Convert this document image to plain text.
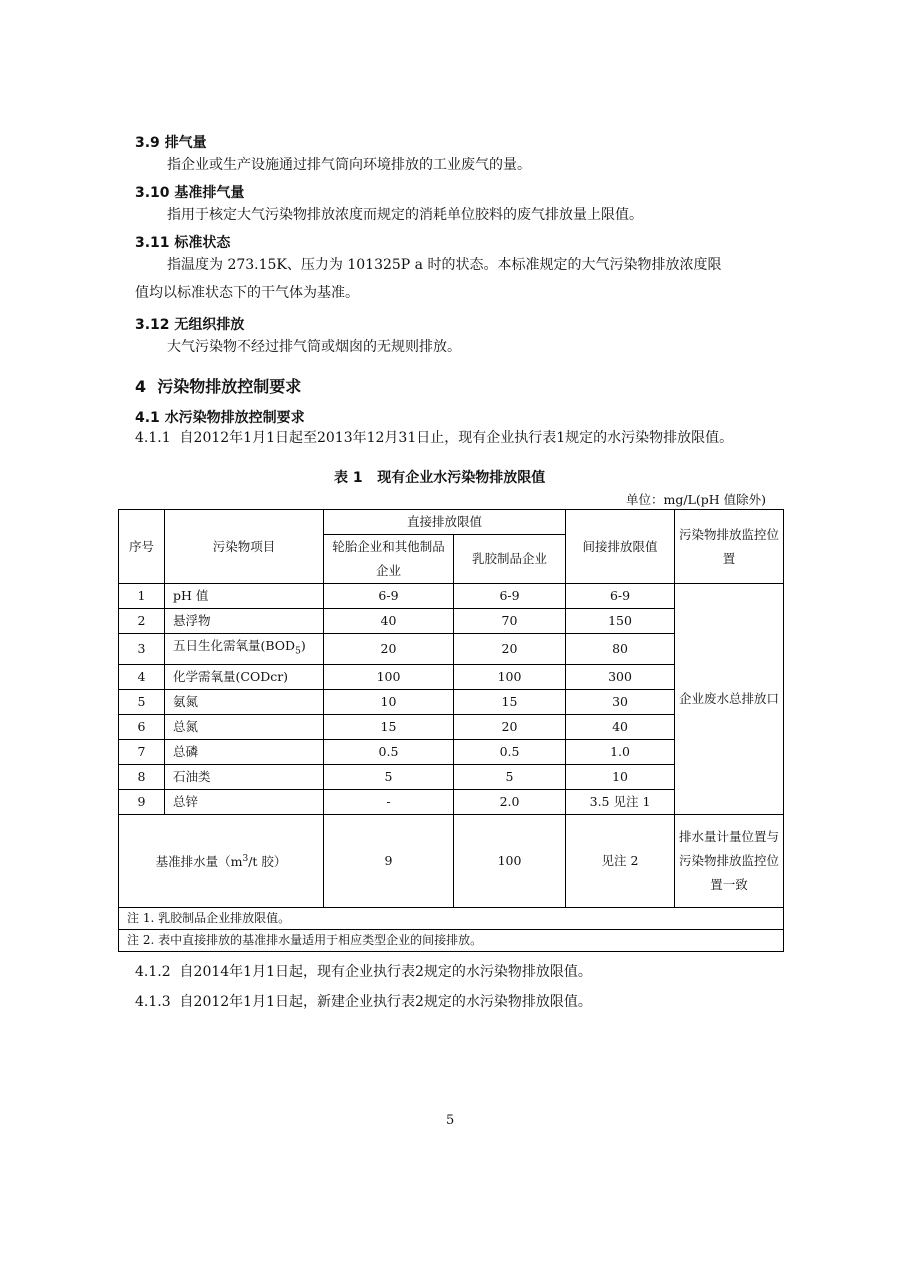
3.9 排气量
指企业或生产设施通过排气筒向环境排放的工业废气的量。
3.10 基准排气量
指用于核定大气污染物排放浓度而规定的消耗单位胶料的废气排放量上限值。
3.11 标准状态
指温度为 273.15K、压力为 101325P a 时的状态。本标准规定的大气污染物排放浓度限
值均以标准状态下的干气体为基准。
3.12 无组织排放
大气污染物不经过排气筒或烟囱的无规则排放。
4 污染物排放控制要求
4.1 水污染物排放控制要求
4.1.1 自2012年1月1日起至2013年12月31日止，现有企业执行表1规定的水污染物排放限值。
表 1 现有企业水污染物排放限值
单位：mg/L(pH 值除外)
序号	污染物项目	直接排放限值		间接排放限值	污染物排放监控位置

		轮胎企业和其他制品企业	乳胶制品企业		

1	pH 值	6-9	6-9	6-9	企业废水总排放口

2	悬浮物	40	70	150	
3	五日生化需氧量$(BOD_5)$	20	20	80	
4	化学需氧量(CODcr)	100	100	300	
5	氨氮	10	15	30	
6	总氮	15	20	40	
7	总磷	0.5	0.5	1.0	
8	石油类	5	5	10	
9	总锌	-	2.0	3.5 见注 1	
基准排水量（$m^3/t$ 胶）		9	100	见注 2	排水量计量位置与污染物排放监控位置一致

注 1. 乳胶制品企业排放限值。					
注 2. 表中直接排放的基准排水量适用于相应类型企业的间接排放。					
4.1.2 自2014年1月1日起，现有企业执行表2规定的水污染物排放限值。
4.1.3 自2012年1月1日起，新建企业执行表2规定的水污染物排放限值。
5
